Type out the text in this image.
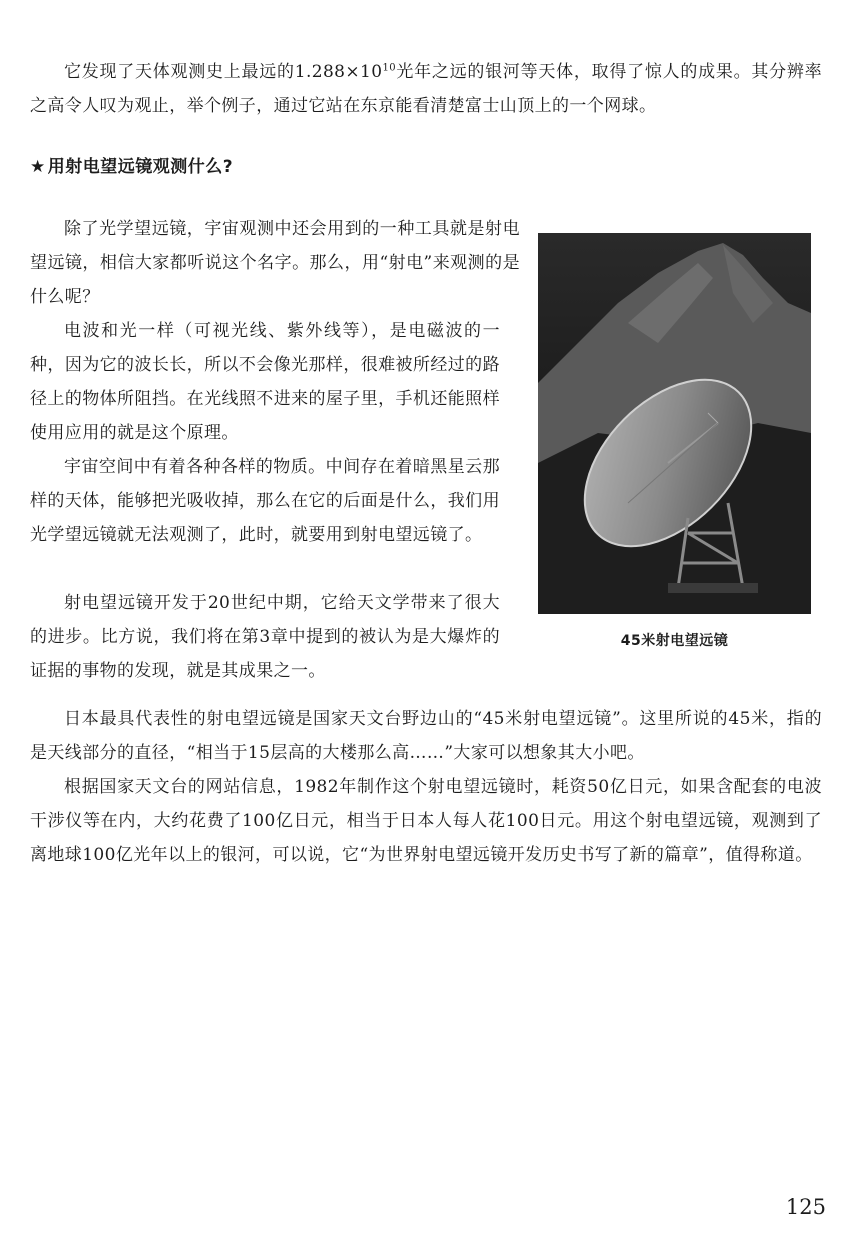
它发现了天体观测史上最远的$1.288\times 10^{10}$光年之远的银河等天体，取得了惊人的成果。其分辨率之高令人叹为观止，举个例子，通过它站在东京能看清楚富士山顶上的一个网球。

★ 用射电望远镜观测什么?

除了光学望远镜，宇宙观测中还会用到的一种工具就是射电望远镜，相信大家都听说这个名字。那么，用“射电”来观测的是什么呢？

电波和光一样（可视光线、紫外线等），是电磁波的一种，因为它的波长长，所以不会像光那样，很难被所经过的路径上的物体所阻挡。在光线照不进来的屋子里，手机还能照样使用应用的就是这个原理。

宇宙空间中有着各种各样的物质。中间存在着暗黑星云那样的天体，能够把光吸收掉，那么在它的后面是什么，我们用光学望远镜就无法观测了，此时，就要用到射电望远镜了。

射电望远镜开发于20世纪中期，它给天文学带来了很大的进步。比方说，我们将在第3章中提到的被认为是大爆炸的证据的事物的发现，就是其成果之一。

45米射电望远镜

日本最具代表性的射电望远镜是国家天文台野边山的“45米射电望远镜”。这里所说的45米，指的是天线部分的直径，“相当于15层高的大楼那么高……”大家可以想象其大小吧。

根据国家天文台的网站信息，1982年制作这个射电望远镜时，耗资50亿日元，如果含配套的电波干涉仪等在内，大约花费了100亿日元，相当于日本人每人花100日元。用这个射电望远镜，观测到了离地球100亿光年以上的银河，可以说，它“为世界射电望远镜开发历史书写了新的篇章”，值得称道。

125
